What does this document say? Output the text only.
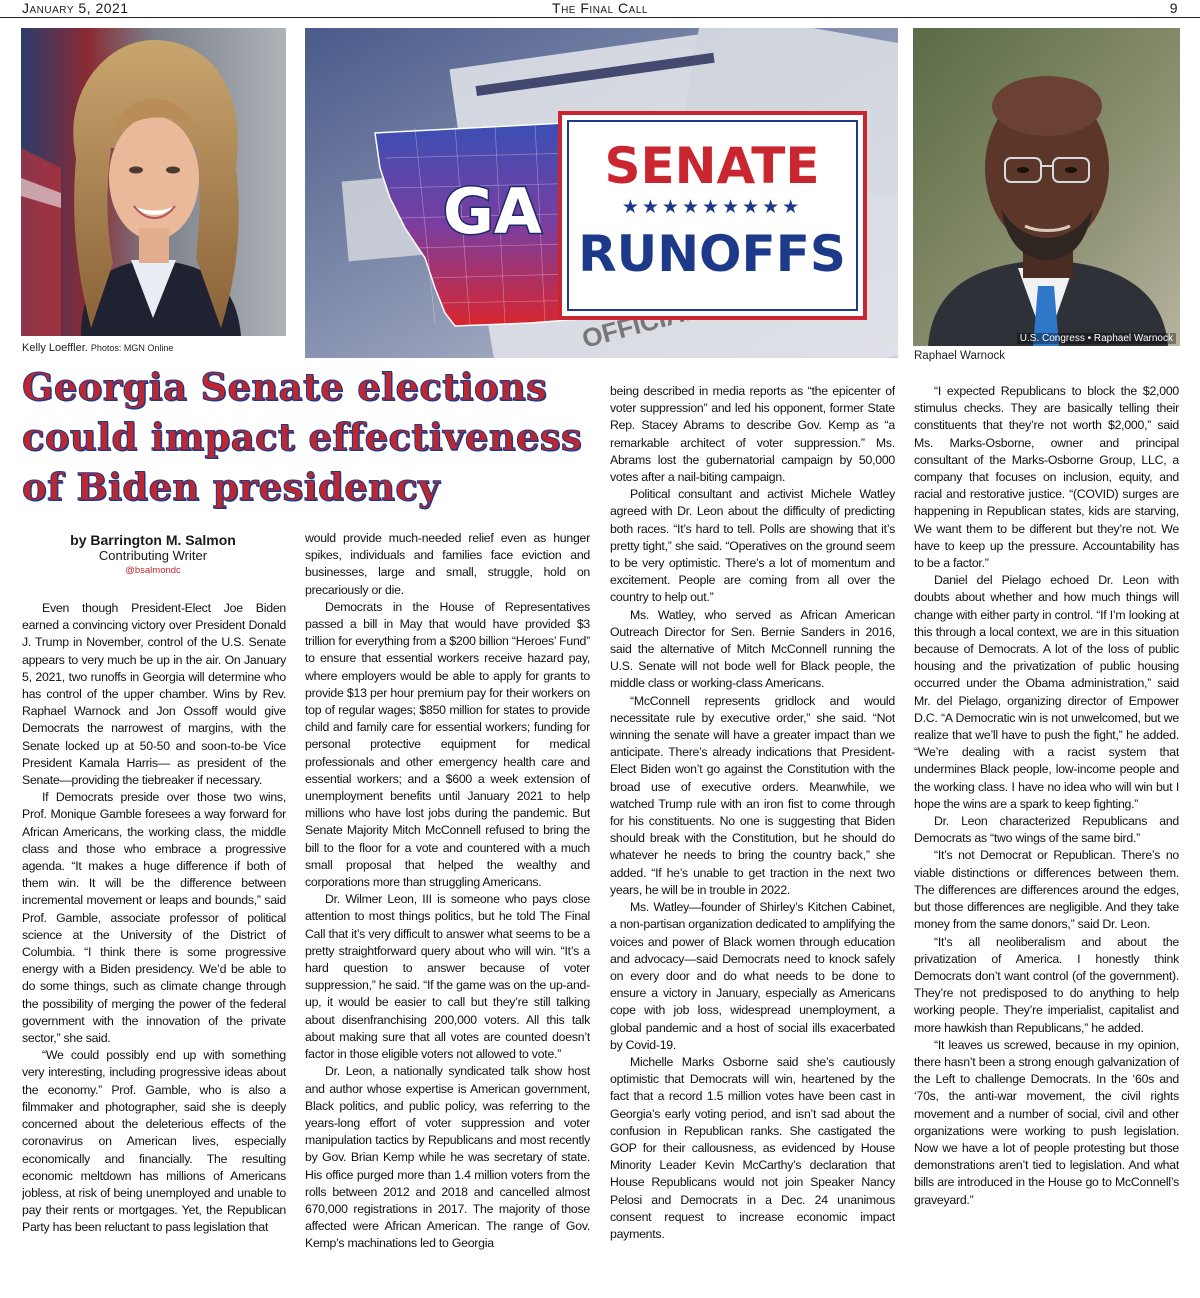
January 5, 2021	The Final Call	9
Kelly Loeffler. Photos: MGN Online
GA
SENATE
★★★★★★★★★
RUNOFFS
U.S. Congress • Raphael Warnock
Raphael Warnock
Georgia Senate elections could impact effectiveness of Biden presidency
by Barrington M. Salmon
Contributing Writer
@bsalmondc

Even though President-Elect Joe Biden earned a convincing victory over President Donald J. Trump in November, control of the U.S. Senate appears to very much be up in the air. On January 5, 2021, two runoffs in Georgia will determine who has control of the upper chamber. Wins by Rev. Raphael Warnock and Jon Ossoff would give Democrats the narrowest of margins, with the Senate locked up at 50-50 and soon-to-be Vice President Kamala Harris— as president of the Senate—providing the tiebreaker if necessary.

If Democrats preside over those two wins, Prof. Monique Gamble foresees a way forward for African Americans, the working class, the middle class and those who embrace a progressive agenda. “It makes a huge difference if both of them win. It will be the difference between incremental movement or leaps and bounds,” said Prof. Gamble, associate professor of political science at the University of the District of Columbia. “I think there is some progressive energy with a Biden presidency. We’d be able to do some things, such as climate change through the possibility of merging the power of the federal government with the innovation of the private sector,” she said.

“We could possibly end up with something very interesting, including progressive ideas about the economy.” Prof. Gamble, who is also a filmmaker and photographer, said she is deeply concerned about the deleterious effects of the coronavirus on American lives, especially economically and financially. The resulting economic meltdown has millions of Americans jobless, at risk of being unemployed and unable to pay their rents or mortgages. Yet, the Republican Party has been reluctant to pass legislation that

would provide much-needed relief even as hunger spikes, individuals and families face eviction and businesses, large and small, struggle, hold on precariously or die.

Democrats in the House of Representatives passed a bill in May that would have provided $3 trillion for everything from a $200 billion “Heroes’ Fund” to ensure that essential workers receive hazard pay, where employers would be able to apply for grants to provide $13 per hour premium pay for their workers on top of regular wages; $850 million for states to provide child and family care for essential workers; funding for personal protective equipment for medical professionals and other emergency health care and essential workers; and a $600 a week extension of unemployment benefits until January 2021 to help millions who have lost jobs during the pandemic. But Senate Majority Mitch McConnell refused to bring the bill to the floor for a vote and countered with a much small proposal that helped the wealthy and corporations more than struggling Americans.

Dr. Wilmer Leon, III is someone who pays close attention to most things politics, but he told The Final Call that it’s very difficult to answer what seems to be a pretty straightforward query about who will win. “It’s a hard question to answer because of voter suppression,” he said. “If the game was on the up-and-up, it would be easier to call but they’re still talking about disenfranchising 200,000 voters. All this talk about making sure that all votes are counted doesn’t factor in those eligible voters not allowed to vote.”

Dr. Leon, a nationally syndicated talk show host and author whose expertise is American government, Black politics, and public policy, was referring to the years-long effort of voter suppression and voter manipulation tactics by Republicans and most recently by Gov. Brian Kemp while he was secretary of state. His office purged more than 1.4 million voters from the rolls between 2012 and 2018 and cancelled almost 670,000 registrations in 2017. The majority of those affected were African American. The range of Gov. Kemp’s machinations led to Georgia

being described in media reports as “the epicenter of voter suppression” and led his opponent, former State Rep. Stacey Abrams to describe Gov. Kemp as “a remarkable architect of voter suppression.” Ms. Abrams lost the gubernatorial campaign by 50,000 votes after a nail-biting campaign.

Political consultant and activist Michele Watley agreed with Dr. Leon about the difficulty of predicting both races. “It’s hard to tell. Polls are showing that it’s pretty tight,” she said. “Operatives on the ground seem to be very optimistic. There’s a lot of momentum and excitement. People are coming from all over the country to help out.”

Ms. Watley, who served as African American Outreach Director for Sen. Bernie Sanders in 2016, said the alternative of Mitch McConnell running the U.S. Senate will not bode well for Black people, the middle class or working-class Americans.

“McConnell represents gridlock and would necessitate rule by executive order,” she said. “Not winning the senate will have a greater impact than we anticipate. There’s already indications that President-Elect Biden won’t go against the Constitution with the broad use of executive orders. Meanwhile, we watched Trump rule with an iron fist to come through for his constituents. No one is suggesting that Biden should break with the Constitution, but he should do whatever he needs to bring the country back,” she added. “If he’s unable to get traction in the next two years, he will be in trouble in 2022.

Ms. Watley—founder of Shirley’s Kitchen Cabinet, a non-partisan organization dedicated to amplifying the voices and power of Black women through education and advocacy—said Democrats need to knock safely on every door and do what needs to be done to ensure a victory in January, especially as Americans cope with job loss, widespread unemployment, a global pandemic and a host of social ills exacerbated by Covid-19.

Michelle Marks Osborne said she’s cautiously optimistic that Democrats will win, heartened by the fact that a record 1.5 million votes have been cast in Georgia’s early voting period, and isn’t sad about the confusion in Republican ranks. She castigated the GOP for their callousness, as evidenced by House Minority Leader Kevin McCarthy’s declaration that House Republicans would not join Speaker Nancy Pelosi and Democrats in a Dec. 24 unanimous consent request to increase economic impact payments.

“I expected Republicans to block the $2,000 stimulus checks. They are basically telling their constituents that they’re not worth $2,000,” said Ms. Marks-Osborne, owner and principal consultant of the Marks-Osborne Group, LLC, a company that focuses on inclusion, equity, and racial and restorative justice. “(COVID) surges are happening in Republican states, kids are starving, We want them to be different but they’re not. We have to keep up the pressure. Accountability has to be a factor.”

Daniel del Pielago echoed Dr. Leon with doubts about whether and how much things will change with either party in control. “If I’m looking at this through a local context, we are in this situation because of Democrats. A lot of the loss of public housing and the privatization of public housing occurred under the Obama administration,” said Mr. del Pielago, organizing director of Empower D.C. “A Democratic win is not unwelcomed, but we realize that we’ll have to push the fight,” he added. “We’re dealing with a racist system that undermines Black people, low-income people and the working class. I have no idea who will win but I hope the wins are a spark to keep fighting.”

Dr. Leon characterized Republicans and Democrats as “two wings of the same bird.”

“It’s not Democrat or Republican. There’s no viable distinctions or differences between them. The differences are differences around the edges, but those differences are negligible. And they take money from the same donors,” said Dr. Leon.

“It’s all neoliberalism and about the privatization of America. I honestly think Democrats don’t want control (of the government). They’re not predisposed to do anything to help working people. They’re imperialist, capitalist and more hawkish than Republicans,” he added.

“It leaves us screwed, because in my opinion, there hasn’t been a strong enough galvanization of the Left to challenge Democrats. In the ‘60s and ‘70s, the anti-war movement, the civil rights movement and a number of social, civil and other organizations were working to push legislation. Now we have a lot of people protesting but those demonstrations aren’t tied to legislation. And what bills are introduced in the House go to McConnell’s graveyard.”
